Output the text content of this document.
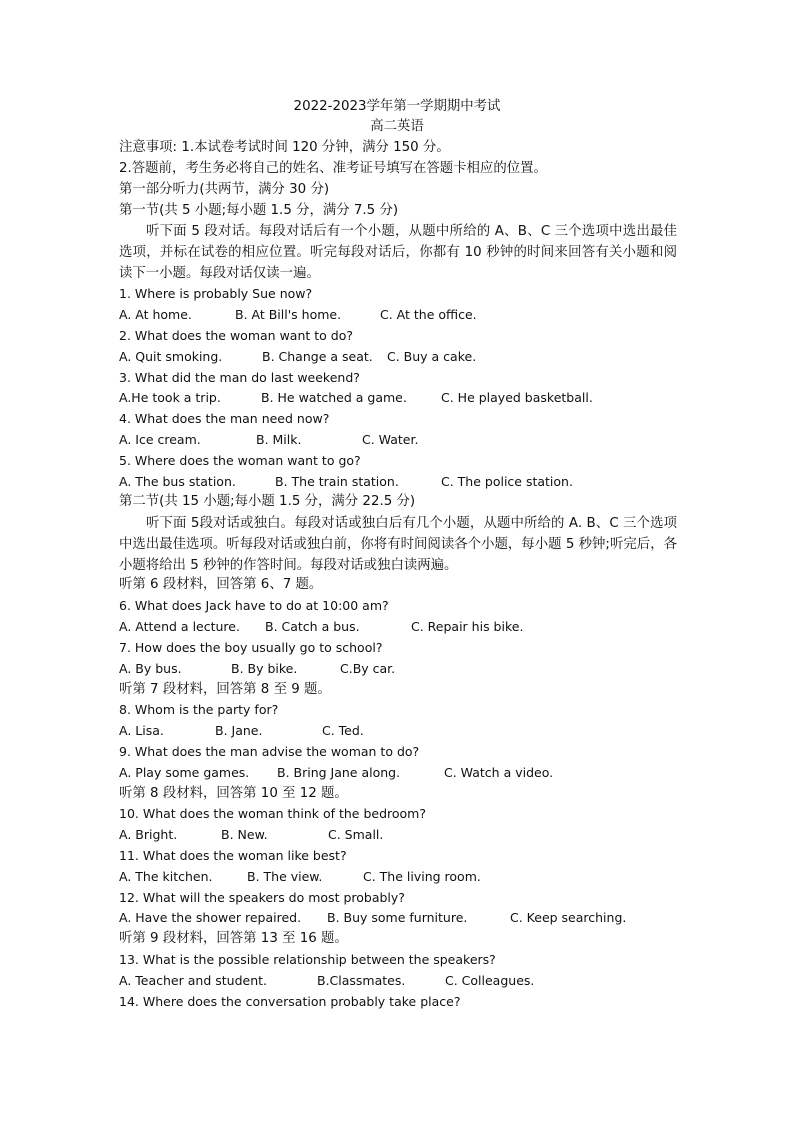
2022-2023学年第一学期期中考试
高二英语
注意事项: 1.本试卷考试时间 120 分钟，满分 150 分。
2.答题前，考生务必将自己的姓名、准考证号填写在答题卡相应的位置。
第一部分听力(共两节，满分 30 分)
第一节(共 5 小题;每小题 1.5 分，满分 7.5 分)
听下面 5 段对话。每段对话后有一个小题，从题中所给的 A、B、C 三个选项中选出最佳选项，并标在试卷的相应位置。听完每段对话后，你都有 10 秒钟的时间来回答有关小题和阅读下一小题。每段对话仅读一遍。
1. Where is probably Sue now?
A. At home.	B. At Bill's home.	C. At the office.
2. What does the woman want to do?
A. Quit smoking.	B. Change a seat. C. Buy a cake.
3. What did the man do last weekend?
A.He took a trip.	B. He watched a game.	C. He played basketball.
4. What does the man need now?
A. Ice cream.	B. Milk.	C. Water.
5. Where does the woman want to go?
A. The bus station.	B. The train station.	C. The police station.
第二节(共 15 小题;每小题 1.5 分，满分 22.5 分)
听下面 5段对话或独白。每段对话或独白后有几个小题，从题中所给的 A. B、C 三个选项中选出最佳选项。听每段对话或独白前，你将有时间阅读各个小题，每小题 5 秒钟;听完后，各小题将给出 5 秒钟的作答时间。每段对话或独白读两遍。
听第 6 段材料，回答第 6、7 题。
6. What does Jack have to do at 10:00 am?
A. Attend a lecture. B. Catch a bus.	C. Repair his bike.
7. How does the boy usually go to school?
A. By bus.	B. By bike.	C.By car.
听第 7 段材料，回答第 8 至 9 题。
8. Whom is the party for?
A. Lisa.	B. Jane.	C. Ted.
9. What does the man advise the woman to do?
A. Play some games. B. Bring Jane along.	C. Watch a video.
听第 8 段材料，回答第 10 至 12 题。
10. What does the woman think of the bedroom?
A. Bright.	B. New.	C. Small.
11. What does the woman like best?
A. The kitchen.	B. The view.	C. The living room.
12. What will the speakers do most probably?
A. Have the shower repaired. B. Buy some furniture.	C. Keep searching.
听第 9 段材料，回答第 13 至 16 题。
13. What is the possible relationship between the speakers?
A. Teacher and student.	B.Classmates.	C. Colleagues.
14. Where does the conversation probably take place?
